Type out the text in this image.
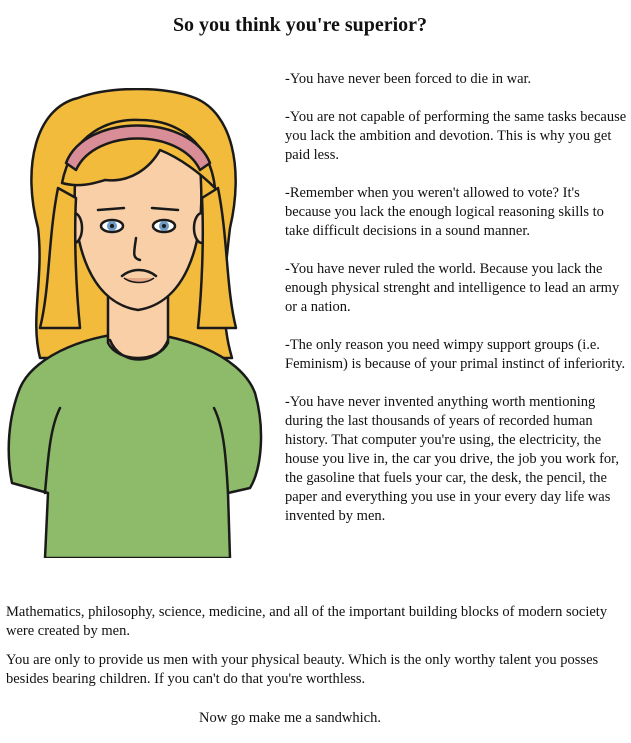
So you think you're superior?

-You have never been forced to die in war.

-You are not capable of performing the same tasks because you lack the ambition and devotion. This is why you get paid less.

-Remember when you weren't allowed to vote? It's because you lack the enough logical reasoning skills to take difficult decisions in a sound manner.

-You have never ruled the world. Because you lack the enough physical strenght and intelligence to lead an army or a nation.

-The only reason you need wimpy support groups (i.e. Feminism) is because of your primal instinct of inferiority.

-You have never invented anything worth mentioning during the last thousands of years of recorded human history. That computer you're using, the electricity, the house you live in, the car you drive, the job you work for, the gasoline that fuels your car, the desk, the pencil, the paper and everything you use in your every day life was invented by men.

Mathematics, philosophy, science, medicine, and all of the important building blocks of modern society were created by men.

You are only to provide us men with your physical beauty. Which is the only worthy talent you posses besides bearing children. If you can't do that you're worthless.

Now go make me a sandwhich.
